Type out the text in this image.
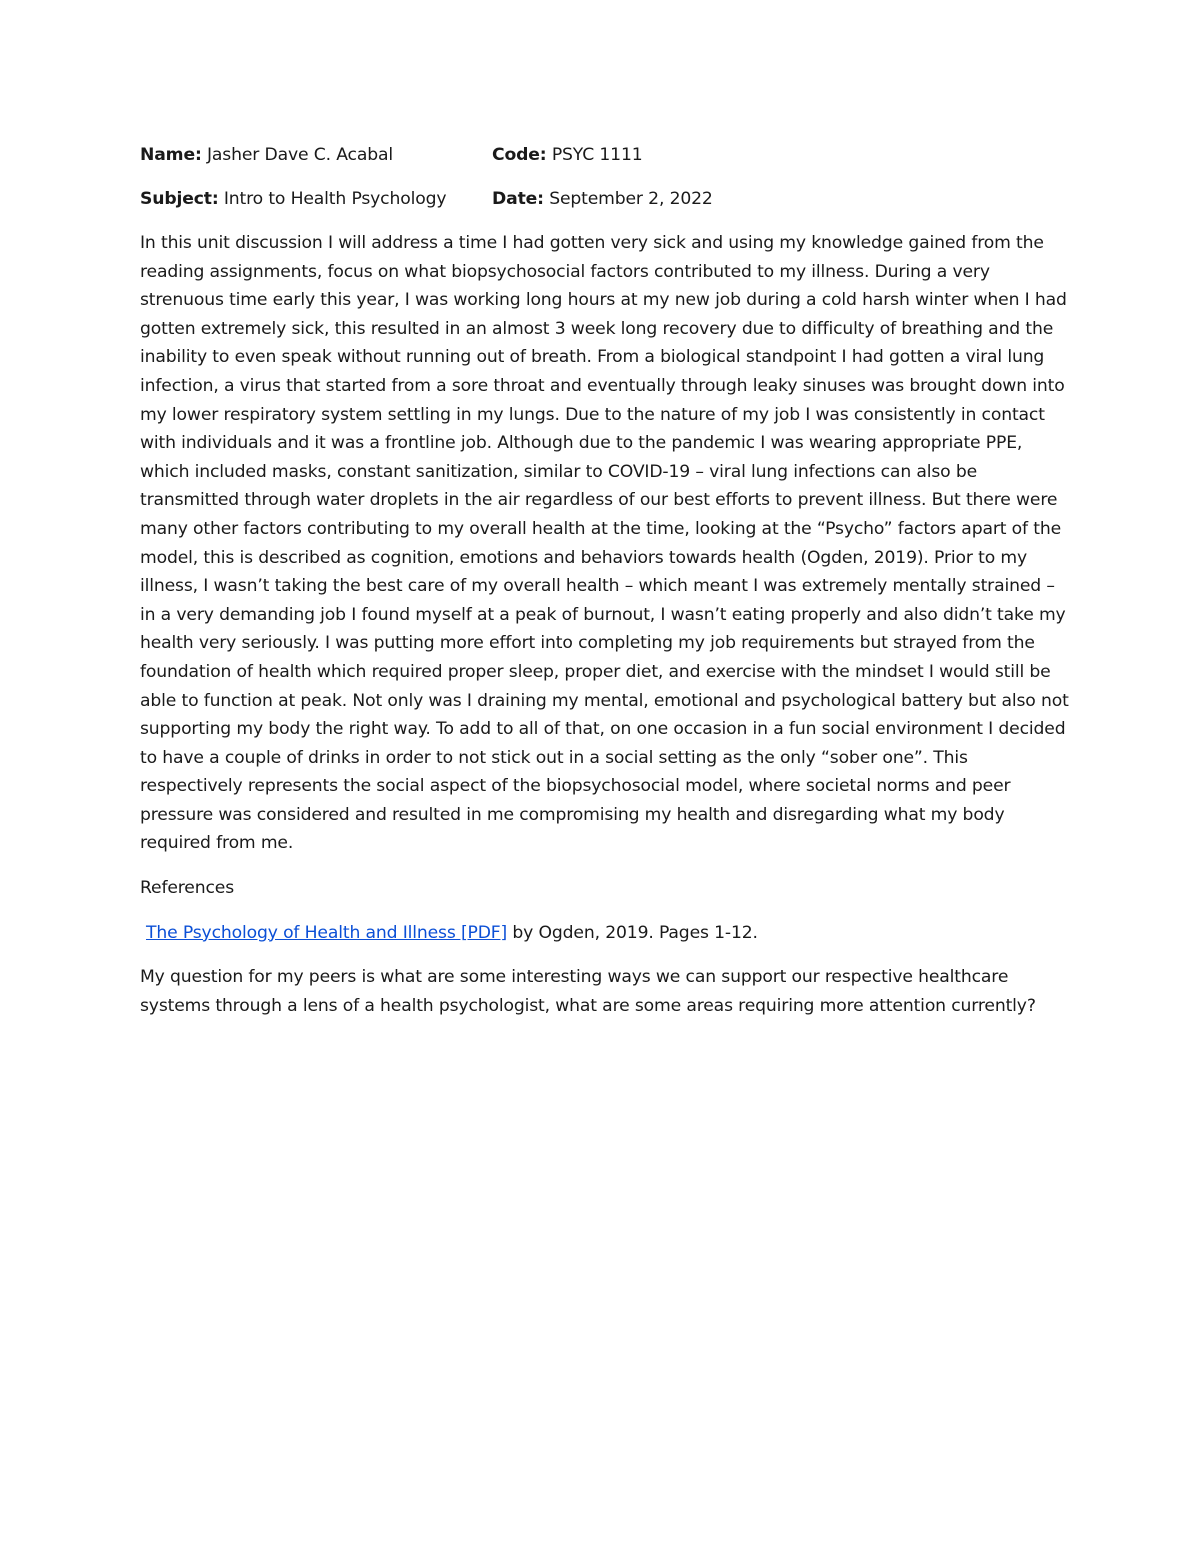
Name: Jasher Dave C. Acabal	Code: PSYC 1111
Subject: Intro to Health Psychology	Date: September 2, 2022

In this unit discussion I will address a time I had gotten very sick and using my knowledge gained from the reading assignments, focus on what biopsychosocial factors contributed to my illness. During a very strenuous time early this year, I was working long hours at my new job during a cold harsh winter when I had gotten extremely sick, this resulted in an almost 3 week long recovery due to difficulty of breathing and the inability to even speak without running out of breath. From a biological standpoint I had gotten a viral lung infection, a virus that started from a sore throat and eventually through leaky sinuses was brought down into my lower respiratory system settling in my lungs. Due to the nature of my job I was consistently in contact with individuals and it was a frontline job. Although due to the pandemic I was wearing appropriate PPE, which included masks, constant sanitization, similar to COVID-19 – viral lung infections can also be transmitted through water droplets in the air regardless of our best efforts to prevent illness. But there were many other factors contributing to my overall health at the time, looking at the “Psycho” factors apart of the model, this is described as cognition, emotions and behaviors towards health (Ogden, 2019). Prior to my illness, I wasn’t taking the best care of my overall health – which meant I was extremely mentally strained – in a very demanding job I found myself at a peak of burnout, I wasn’t eating properly and also didn’t take my health very seriously. I was putting more effort into completing my job requirements but strayed from the foundation of health which required proper sleep, proper diet, and exercise with the mindset I would still be able to function at peak. Not only was I draining my mental, emotional and psychological battery but also not supporting my body the right way. To add to all of that, on one occasion in a fun social environment I decided to have a couple of drinks in order to not stick out in a social setting as the only “sober one”. This respectively represents the social aspect of the biopsychosocial model, where societal norms and peer pressure was considered and resulted in me compromising my health and disregarding what my body required from me.

References

The Psychology of Health and Illness [PDF] by Ogden, 2019. Pages 1-12.

My question for my peers is what are some interesting ways we can support our respective healthcare systems through a lens of a health psychologist, what are some areas requiring more attention currently?
